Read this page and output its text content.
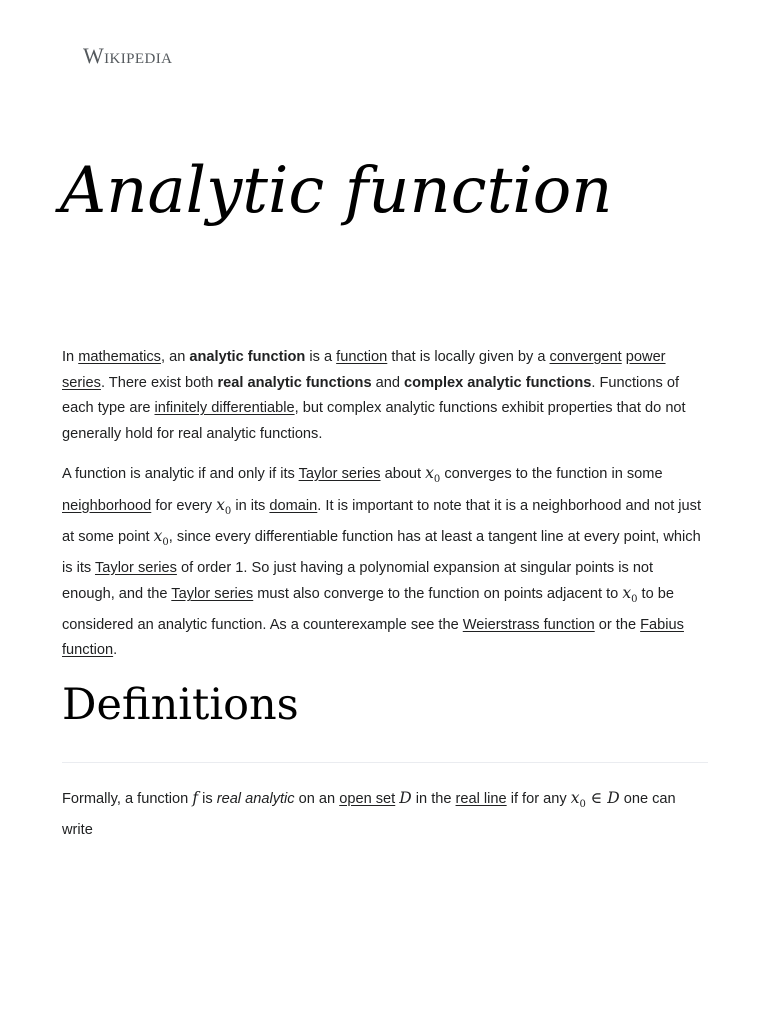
Wikipedia
Analytic function

In mathematics, an analytic function is a function that is locally given by a convergent power series. There exist both real analytic functions and complex analytic functions. Functions of each type are infinitely differentiable, but complex analytic functions exhibit properties that do not generally hold for real analytic functions.

A function is analytic if and only if its Taylor series about $x_0$ converges to the function in some neighborhood for every $x_0$ in its domain. It is important to note that it is a neighborhood and not just at some point $x_0$, since every differentiable function has at least a tangent line at every point, which is its Taylor series of order 1. So just having a polynomial expansion at singular points is not enough, and the Taylor series must also converge to the function on points adjacent to $x_0$ to be considered an analytic function. As a counterexample see the Weierstrass function or the Fabius function.

Definitions

Formally, a function f is real analytic on an open set D in the real line if for any $x_0$ ∈ D one can write
